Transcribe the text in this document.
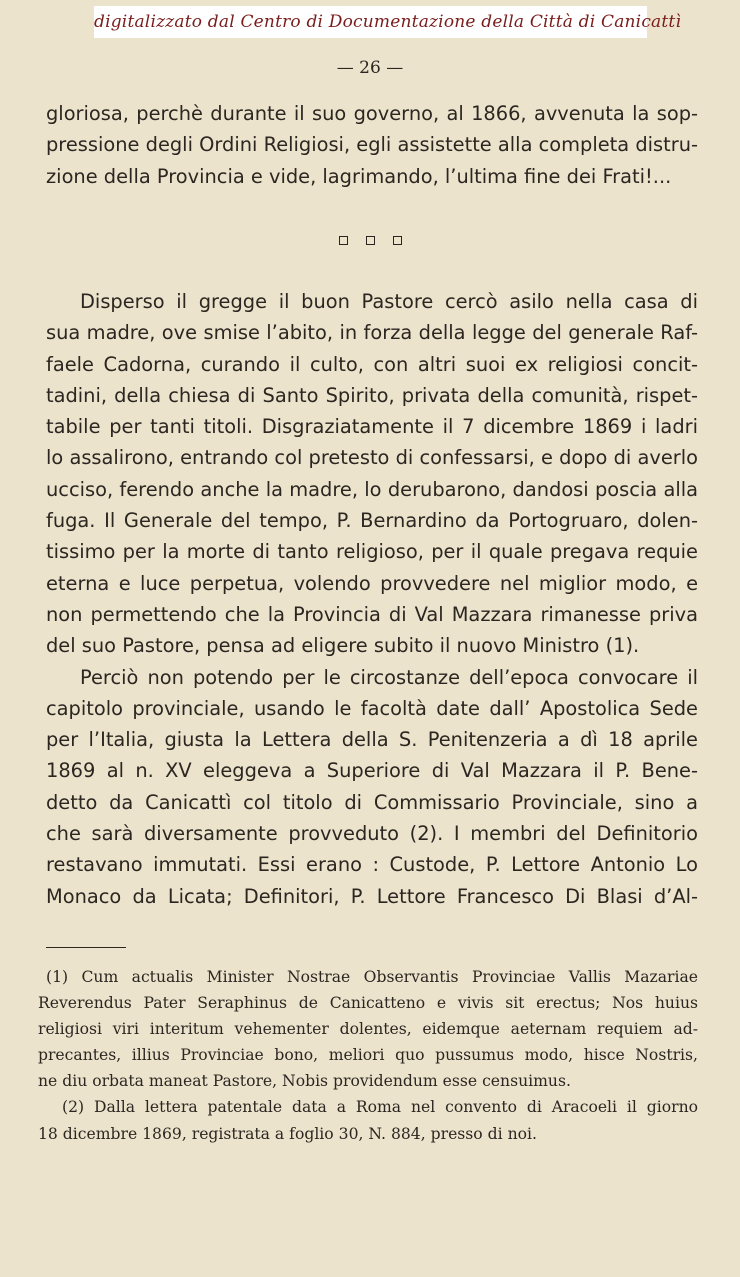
digitalizzato dal Centro di Documentazione della Città di Canicattì
— 26 —
gloriosa, perchè durante il suo governo, al 1866, avvenuta la sop-
pressione degli Ordini Religiosi, egli assistette alla completa distru-
zione della Provincia e vide, lagrimando, l’ultima fine dei Frati!...
Disperso il gregge il buon Pastore cercò asilo nella casa di
sua madre, ove smise l’abito, in forza della legge del generale Raf-
faele Cadorna, curando il culto, con altri suoi ex religiosi concit-
tadini, della chiesa di Santo Spirito, privata della comunità, rispet-
tabile per tanti titoli. Disgraziatamente il 7 dicembre 1869 i ladri
lo assalirono, entrando col pretesto di confessarsi, e dopo di averlo
ucciso, ferendo anche la madre, lo derubarono, dandosi poscia alla
fuga. Il Generale del tempo, P. Bernardino da Portogruaro, dolen-
tissimo per la morte di tanto religioso, per il quale pregava requie
eterna e luce perpetua, volendo provvedere nel miglior modo, e
non permettendo che la Provincia di Val Mazzara rimanesse priva
del suo Pastore, pensa ad eligere subito il nuovo Ministro (1).
Perciò non potendo per le circostanze dell’epoca convocare il
capitolo provinciale, usando le facoltà date dall’ Apostolica Sede
per l’Italia, giusta la Lettera della S. Penitenzeria a dì 18 aprile
1869 al n. XV eleggeva a Superiore di Val Mazzara il P. Bene-
detto da Canicattì col titolo di Commissario Provinciale, sino a
che sarà diversamente provveduto (2). I membri del Definitorio
restavano immutati. Essi erano : Custode, P. Lettore Antonio Lo
Monaco da Licata; Definitori, P. Lettore Francesco Di Blasi d’Al-
(1) Cum actualis Minister Nostrae Observantis Provinciae Vallis Mazariae
Reverendus Pater Seraphinus de Canicatteno e vivis sit erectus; Nos huius
religiosi viri interitum vehementer dolentes, eidemque aeternam requiem ad-
precantes, illius Provinciae bono, meliori quo pussumus modo, hisce Nostris,
ne diu orbata maneat Pastore, Nobis providendum esse censuimus.
(2) Dalla lettera patentale data a Roma nel convento di Aracoeli il giorno
18 dicembre 1869, registrata a foglio 30, N. 884, presso di noi.
